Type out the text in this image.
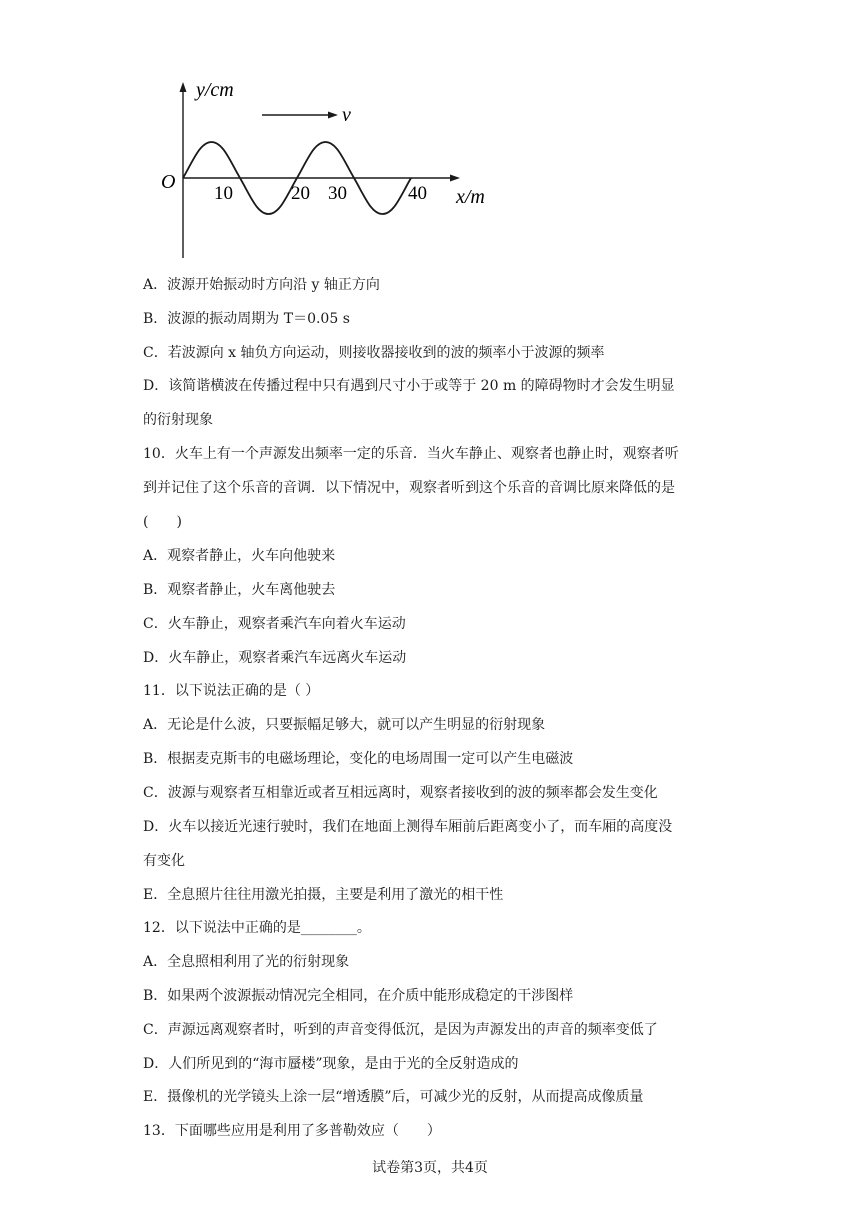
y/cm
v
O
10	20 30	40 x/m
A．波源开始振动时方向沿 y 轴正方向
B．波源的振动周期为 T＝0.05 s
C．若波源向 x 轴负方向运动，则接收器接收到的波的频率小于波源的频率
D．该简谐横波在传播过程中只有遇到尺寸小于或等于 20 m 的障碍物时才会发生明显
的衍射现象
10．火车上有一个声源发出频率一定的乐音．当火车静止、观察者也静止时，观察者听
到并记住了这个乐音的音调．以下情况中，观察者听到这个乐音的音调比原来降低的是
(　　)
A．观察者静止，火车向他驶来
B．观察者静止，火车离他驶去
C．火车静止，观察者乘汽车向着火车运动
D．火车静止，观察者乘汽车远离火车运动
11．以下说法正确的是（ ）
A．无论是什么波，只要振幅足够大，就可以产生明显的衍射现象
B．根据麦克斯韦的电磁场理论，变化的电场周围一定可以产生电磁波
C．波源与观察者互相靠近或者互相远离时，观察者接收到的波的频率都会发生变化
D．火车以接近光速行驶时，我们在地面上测得车厢前后距离变小了，而车厢的高度没
有变化
E．全息照片往往用激光拍摄，主要是利用了激光的相干性
12．以下说法中正确的是________。
A．全息照相利用了光的衍射现象
B．如果两个波源振动情况完全相同，在介质中能形成稳定的干涉图样
C．声源远离观察者时，听到的声音变得低沉，是因为声源发出的声音的频率变低了
D．人们所见到的“海市蜃楼”现象，是由于光的全反射造成的
E．摄像机的光学镜头上涂一层“增透膜”后，可减少光的反射，从而提高成像质量
13．下面哪些应用是利用了多普勒效应（　　）
试卷第3页，共4页
